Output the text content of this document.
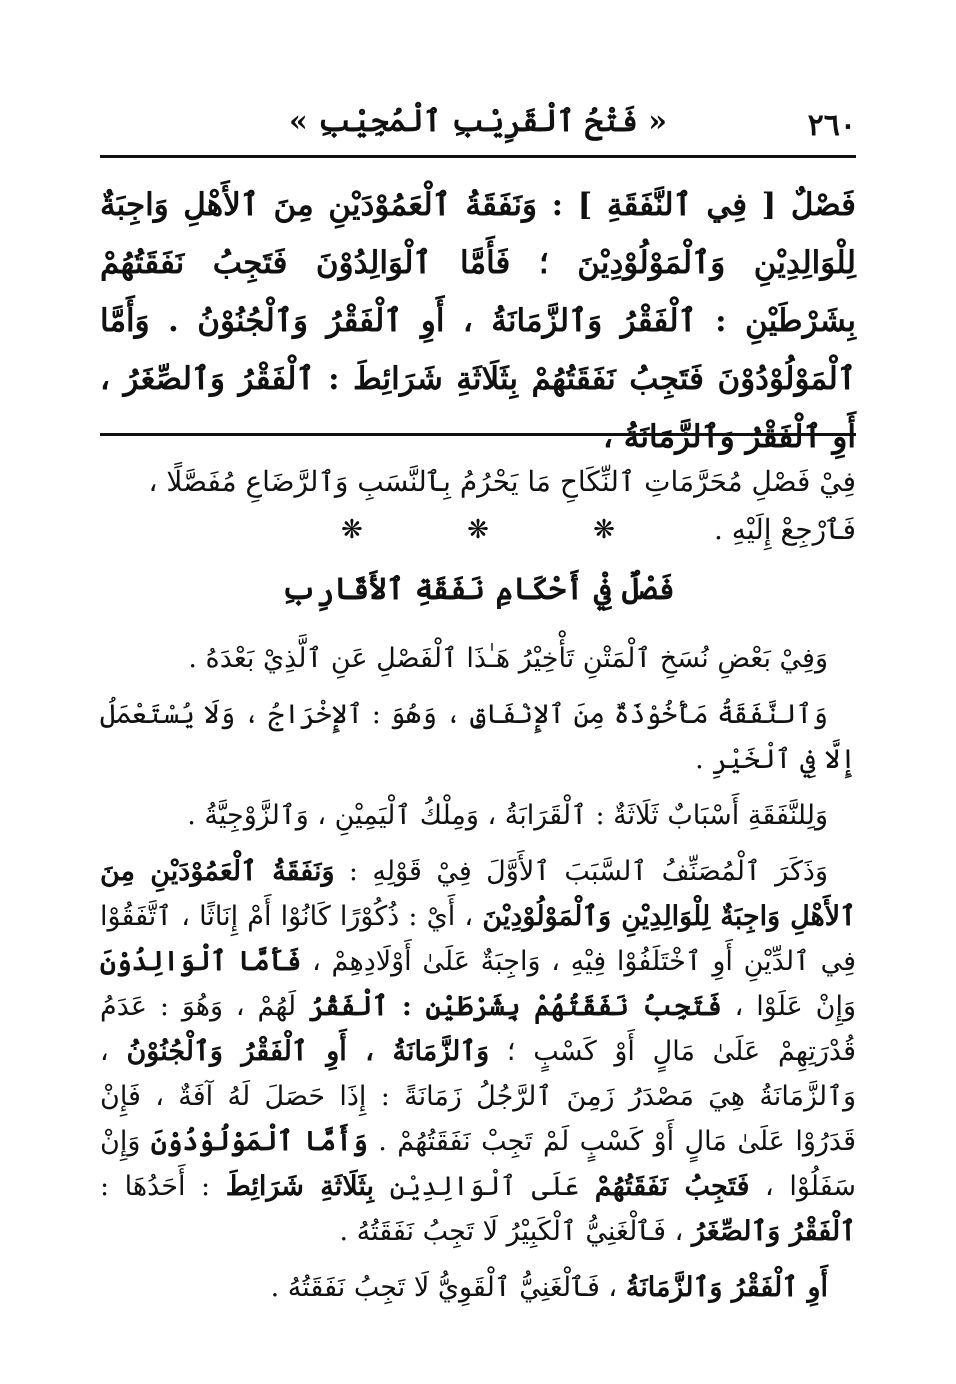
٢٦٠
« فَتْحُ ٱلْقَرِيْبِ ٱلْمُجِيْبِ »
فَصْلٌ [ فِي ٱلنَّفَقَةِ ] : وَنَفَقَةُ ٱلْعَمُوْدَيْنِ مِنَ ٱلأَهْلِ وَاجِبَةٌ لِلْوَالِدِيْنِ وَٱلْمَوْلُوْدِيْنَ ؛ فَأَمَّا ٱلْوَالِدُوْنَ فَتَجِبُ نَفَقَتُهُمْ بِشَرْطَيْنِ : ٱلْفَقْرُ وَٱلزَّمَانَةُ ، أَوِ ٱلْفَقْرُ وَٱلْجُنُوْنُ . وَأَمَّا ٱلْمَوْلُوْدُوْنَ فَتَجِبُ نَفَقَتُهُمْ بِثَلَاثَةِ شَرَائِطَ : ٱلْفَقْرُ وَٱلصِّغَرُ ، أَوِ ٱلْفَقْرُ وَٱلزَّمَانَةُ ،
فِيْ فَصْلِ مُحَرَّمَاتِ ٱلنِّكَاحِ مَا يَحْرُمُ بِٱلنَّسَبِ وَٱلرَّضَاعِ مُفَصَّلًا ، فَٱرْجِعْ إِلَيْهِ .
❋	❋	❋
فَصْلٌ فِيْ أَحْكَامِ نَفَقَةِ ٱلأَقَارِبِ

وَفِيْ بَعْضِ نُسَخِ ٱلْمَتْنِ تَأْخِيْرُ هَـٰذَا ٱلْفَصْلِ عَنِ ٱلَّذِيْ بَعْدَهُ .

وَٱلنَّفَقَةُ مَأْخُوْذَةٌ مِنَ ٱلإِنْفَاقِ ، وَهُوَ : ٱلإِخْرَاجُ ، وَلَا يُسْتَعْمَلُ إِلَّا فِي ٱلْخَيْرِ .

وَلِلنَّفَقَةِ أَسْبَابٌ ثَلَاثَةٌ : ٱلْقَرَابَةُ ، وَمِلْكُ ٱلْيَمِيْنِ ، وَٱلزَّوْجِيَّةُ .

وَذَكَرَ ٱلْمُصَنِّفُ ٱلسَّبَبَ ٱلأَوَّلَ فِيْ قَوْلِهِ : وَنَفَقَةُ ٱلْعَمُوْدَيْنِ مِنَ ٱلأَهْلِ وَاجِبَةٌ لِلْوَالِدِيْنِ وَٱلْمَوْلُوْدِيْنَ ، أَيْ : ذُكُوْرًا كَانُوْا أَمْ إِنَاثًا ، ٱتَّفَقُوْا فِي ٱلدِّيْنِ أَوِ ٱخْتَلَفُوْا فِيْهِ ، وَاجِبَةٌ عَلَىٰ أَوْلَادِهِمْ ، فَأَمَّا ٱلْوَالِدُوْنَ وَإِنْ عَلَوْا ، فَتَجِبُ نَفَقَتُهُمْ بِشَرْطَيْنِ : ٱلْفَقْرُ لَهُمْ ، وَهُوَ : عَدَمُ قُدْرَتِهِمْ عَلَىٰ مَالٍ أَوْ كَسْبٍ ؛ وَٱلزَّمَانَةُ ، أَوِ ٱلْفَقْرُ وَٱلْجُنُوْنُ ، وَٱلزَّمَانَةُ هِيَ مَصْدَرُ زَمِنَ ٱلرَّجُلُ زَمَانَةً : إِذَا حَصَلَ لَهُ آفَةٌ ، فَإِنْ قَدَرُوْا عَلَىٰ مَالٍ أَوْ كَسْبٍ لَمْ تَجِبْ نَفَقَتُهُمْ . وَأَمَّا ٱلْمَوْلُوْدُوْنَ وَإِنْ سَفَلُوْا ، فَتَجِبُ نَفَقَتُهُمْ عَلَى ٱلْوَالِدِيْنِ بِثَلَاثَةِ شَرَائِطَ : أَحَدُهَا : ٱلْفَقْرُ وَٱلصِّغَرُ ، فَٱلْغَنِيُّ ٱلْكَبِيْرُ لَا تَجِبُ نَفَقَتُهُ .

أَوِ ٱلْفَقْرُ وَٱلزَّمَانَةُ ، فَٱلْغَنِيُّ ٱلْقَوِيُّ لَا تَجِبُ نَفَقَتُهُ .
